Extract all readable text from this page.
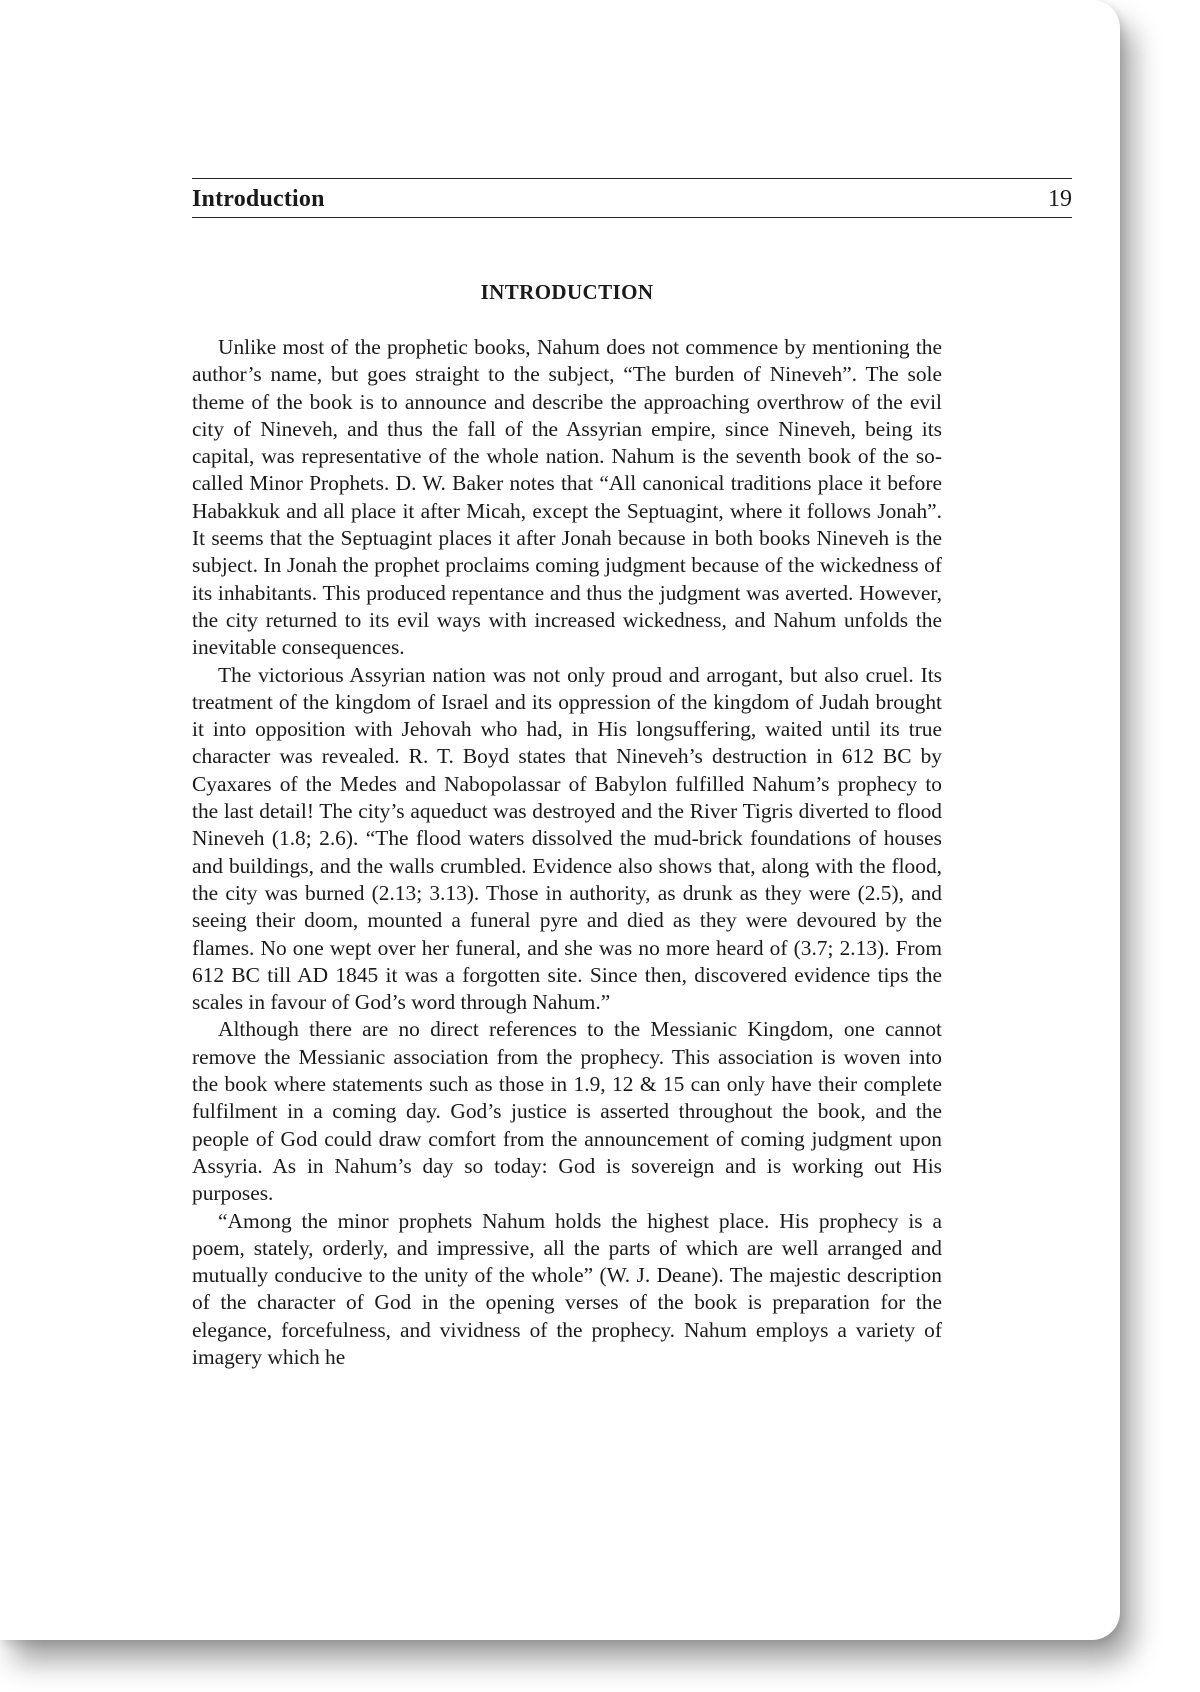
Introduction	19
INTRODUCTION

Unlike most of the prophetic books, Nahum does not commence by mentioning the author’s name, but goes straight to the subject, “The burden of Nineveh”. The sole theme of the book is to announce and describe the approaching overthrow of the evil city of Nineveh, and thus the fall of the Assyrian empire, since Nineveh, being its capital, was representative of the whole nation. Nahum is the seventh book of the so-called Minor Prophets. D. W. Baker notes that “All canonical traditions place it before Habakkuk and all place it after Micah, except the Septuagint, where it follows Jonah”. It seems that the Septuagint places it after Jonah because in both books Nineveh is the subject. In Jonah the prophet proclaims coming judgment because of the wickedness of its inhabitants. This produced repentance and thus the judgment was averted. However, the city returned to its evil ways with increased wickedness, and Nahum unfolds the inevitable consequences.

The victorious Assyrian nation was not only proud and arrogant, but also cruel. Its treatment of the kingdom of Israel and its oppression of the kingdom of Judah brought it into opposition with Jehovah who had, in His longsuffering, waited until its true character was revealed. R. T. Boyd states that Nineveh’s destruction in 612 BC by Cyaxares of the Medes and Nabopolassar of Babylon fulfilled Nahum’s prophecy to the last detail! The city’s aqueduct was destroyed and the River Tigris diverted to flood Nineveh (1.8; 2.6). “The flood waters dissolved the mud-brick foundations of houses and buildings, and the walls crumbled. Evidence also shows that, along with the flood, the city was burned (2.13; 3.13). Those in authority, as drunk as they were (2.5), and seeing their doom, mounted a funeral pyre and died as they were devoured by the flames. No one wept over her funeral, and she was no more heard of (3.7; 2.13). From 612 BC till AD 1845 it was a forgotten site. Since then, discovered evidence tips the scales in favour of God’s word through Nahum.”

Although there are no direct references to the Messianic Kingdom, one cannot remove the Messianic association from the prophecy. This association is woven into the book where statements such as those in 1.9, 12 & 15 can only have their complete fulfilment in a coming day. God’s justice is asserted throughout the book, and the people of God could draw comfort from the announcement of coming judgment upon Assyria. As in Nahum’s day so today: God is sovereign and is working out His purposes.

“Among the minor prophets Nahum holds the highest place. His prophecy is a poem, stately, orderly, and impressive, all the parts of which are well arranged and mutually conducive to the unity of the whole” (W. J. Deane). The majestic description of the character of God in the opening verses of the book is preparation for the elegance, forcefulness, and vividness of the prophecy. Nahum employs a variety of imagery which he
